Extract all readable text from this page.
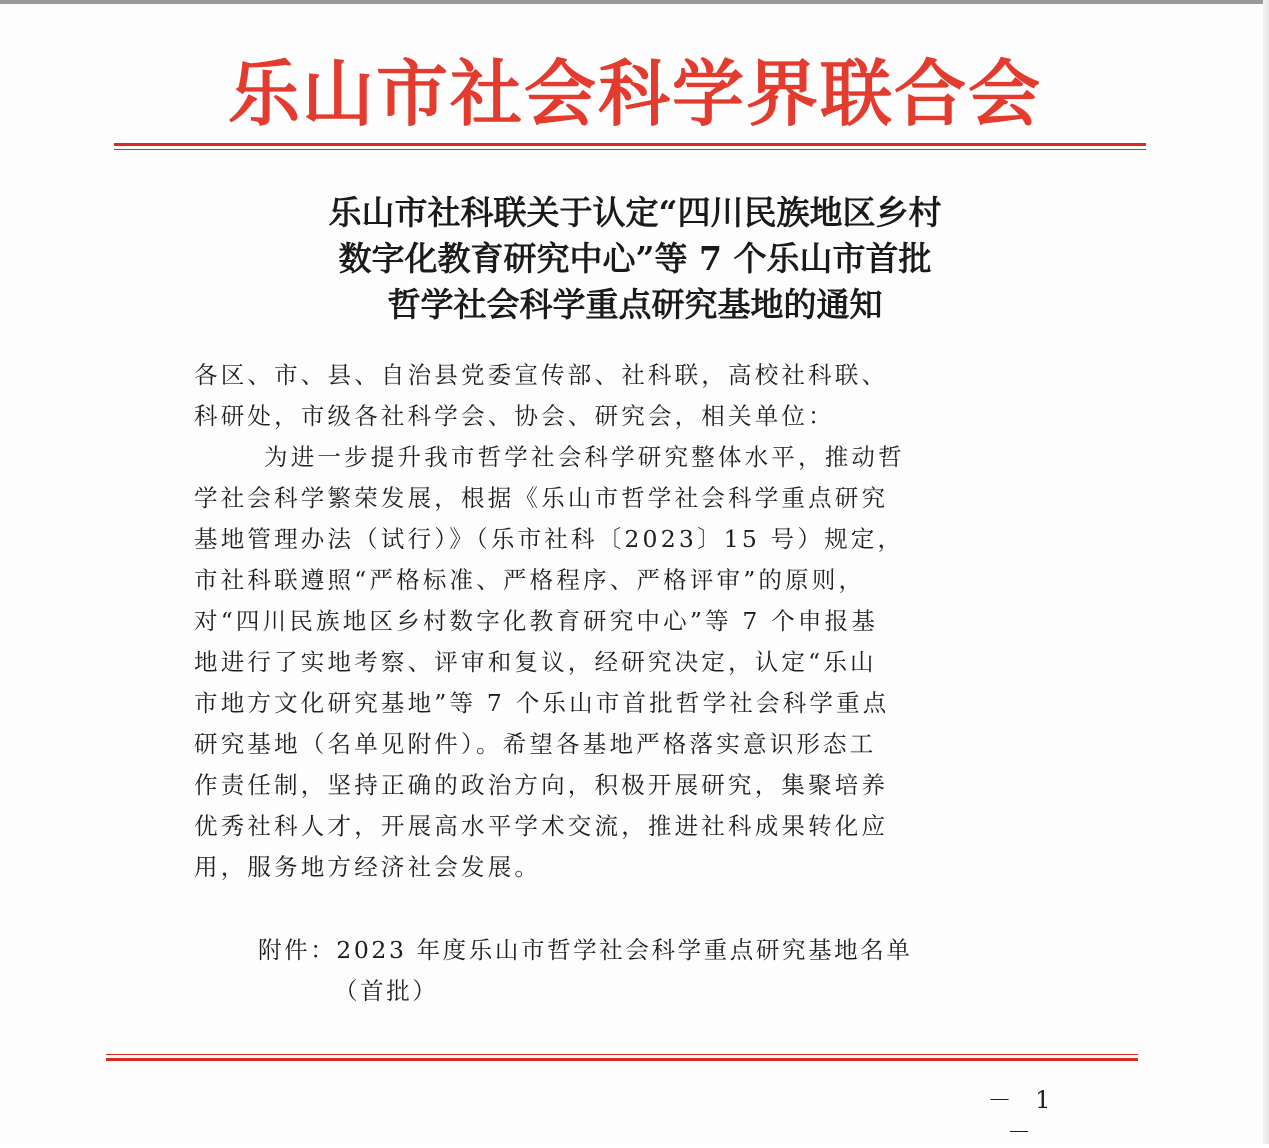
乐山市社会科学界联合会
乐山市社科联关于认定“四川民族地区乡村
数字化教育研究中心”等 7 个乐山市首批
哲学社会科学重点研究基地的通知
各区、市、县、自治县党委宣传部、社科联，高校社科联、
科研处，市级各社科学会、协会、研究会，相关单位：
为进一步提升我市哲学社会科学研究整体水平，推动哲
学社会科学繁荣发展，根据《乐山市哲学社会科学重点研究
基地管理办法（试行）》（乐市社科〔2023〕15 号）规定，
市社科联遵照“严格标准、严格程序、严格评审”的原则，
对“四川民族地区乡村数字化教育研究中心”等 7 个申报基
地进行了实地考察、评审和复议，经研究决定，认定“乐山
市地方文化研究基地”等 7 个乐山市首批哲学社会科学重点
研究基地（名单见附件）。希望各基地严格落实意识形态工
作责任制，坚持正确的政治方向，积极开展研究，集聚培养
优秀社科人才，开展高水平学术交流，推进社科成果转化应
用，服务地方经济社会发展。
附件：2023 年度乐山市哲学社会科学重点研究基地名单
（首批）
－ 1 －
